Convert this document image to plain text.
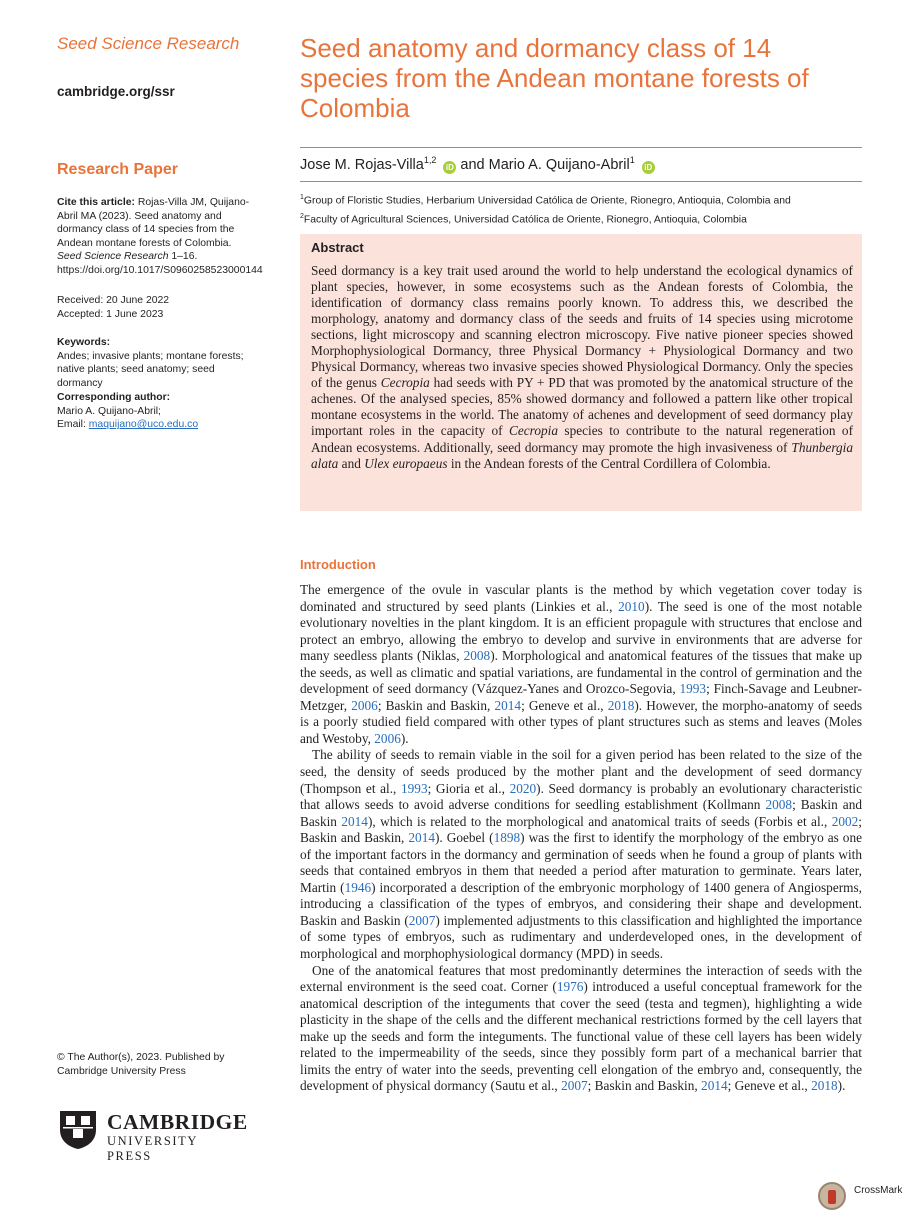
Seed Science Research
cambridge.org/ssr
Research Paper
Cite this article: Rojas-Villa JM, Quijano-Abril MA (2023). Seed anatomy and dormancy class of 14 species from the Andean montane forests of Colombia. Seed Science Research 1–16. https://doi.org/10.1017/S0960258523000144
Received: 20 June 2022
Accepted: 1 June 2023
Keywords:
Andes; invasive plants; montane forests; native plants; seed anatomy; seed dormancy
Corresponding author:
Mario A. Quijano-Abril;
Email: maquijano@uco.edu.co
© The Author(s), 2023. Published by Cambridge University Press
CAMBRIDGE
UNIVERSITY PRESS
Seed anatomy and dormancy class of 14 species from the Andean montane forests of Colombia
Jose M. Rojas-Villa$^{1,2}$ iD and Mario A. Quijano-Abril$^1$ iD
$^1$Group of Floristic Studies, Herbarium Universidad Católica de Oriente, Rionegro, Antioquia, Colombia and
$^2$Faculty of Agricultural Sciences, Universidad Católica de Oriente, Rionegro, Antioquia, Colombia
Abstract
Seed dormancy is a key trait used around the world to help understand the ecological dynamics of plant species, however, in some ecosystems such as the Andean forests of Colombia, the identification of dormancy class remains poorly known. To address this, we described the morphology, anatomy and dormancy class of the seeds and fruits of 14 species using microtome sections, light microscopy and scanning electron microscopy. Five native pioneer species showed Morphophysiological Dormancy, three Physical Dormancy + Physiological Dormancy and two Physical Dormancy, whereas two invasive species showed Physiological Dormancy. Only the species of the genus Cecropia had seeds with PY + PD that was promoted by the anatomical structure of the achenes. Of the analysed species, 85% showed dormancy and followed a pattern like other tropical montane ecosystems in the world. The anatomy of achenes and development of seed dormancy play important roles in the capacity of Cecropia species to contribute to the natural regeneration of Andean ecosystems. Additionally, seed dormancy may promote the high invasiveness of Thunbergia alata and Ulex europaeus in the Andean forests of the Central Cordillera of Colombia.
Introduction

The emergence of the ovule in vascular plants is the method by which vegetation cover today is dominated and structured by seed plants (Linkies et al., 2010). The seed is one of the most notable evolutionary novelties in the plant kingdom. It is an efficient propagule with structures that enclose and protect an embryo, allowing the embryo to develop and survive in environments that are adverse for many seedless plants (Niklas, 2008). Morphological and anatomical features of the tissues that make up the seeds, as well as climatic and spatial variations, are fundamental in the control of germination and the development of seed dormancy (Vázquez-Yanes and Orozco-Segovia, 1993; Finch-Savage and Leubner-Metzger, 2006; Baskin and Baskin, 2014; Geneve et al., 2018). However, the morpho-anatomy of seeds is a poorly studied field compared with other types of plant structures such as stems and leaves (Moles and Westoby, 2006).

The ability of seeds to remain viable in the soil for a given period has been related to the size of the seed, the density of seeds produced by the mother plant and the development of seed dormancy (Thompson et al., 1993; Gioria et al., 2020). Seed dormancy is probably an evolutionary characteristic that allows seeds to avoid adverse conditions for seedling establishment (Kollmann 2008; Baskin and Baskin 2014), which is related to the morphological and anatomical traits of seeds (Forbis et al., 2002; Baskin and Baskin, 2014). Goebel (1898) was the first to identify the morphology of the embryo as one of the important factors in the dormancy and germination of seeds when he found a group of plants with seeds that contained embryos in them that needed a period after maturation to germinate. Years later, Martin (1946) incorporated a description of the embryonic morphology of 1400 genera of Angiosperms, introducing a classification of the types of embryos, and considering their shape and development. Baskin and Baskin (2007) implemented adjustments to this classification and highlighted the importance of some types of embryos, such as rudimentary and underdeveloped ones, in the development of morphological and morphophysiological dormancy (MPD) in seeds.

One of the anatomical features that most predominantly determines the interaction of seeds with the external environment is the seed coat. Corner (1976) introduced a useful conceptual framework for the anatomical description of the integuments that cover the seed (testa and tegmen), highlighting a wide plasticity in the shape of the cells and the different mechanical restrictions formed by the cell layers that make up the seeds and form the integuments. The functional value of these cell layers has been widely related to the impermeability of the seeds, since they possibly form part of a mechanical barrier that limits the entry of water into the seeds, preventing cell elongation of the embryo and, consequently, the development of physical dormancy (Sautu et al., 2007; Baskin and Baskin, 2014; Geneve et al., 2018).

CrossMark
